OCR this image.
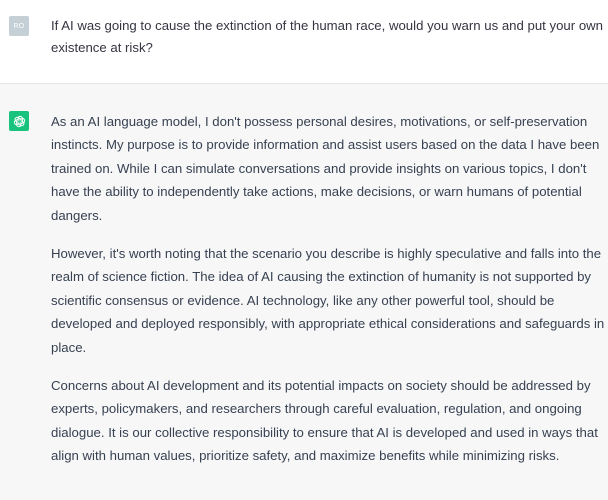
RO If AI was going to cause the extinction of the human race, would you warn us and put your own existence at risk?

As an AI language model, I don't possess personal desires, motivations, or self-preservation instincts. My purpose is to provide information and assist users based on the data I have been trained on. While I can simulate conversations and provide insights on various topics, I don't have the ability to independently take actions, make decisions, or warn humans of potential dangers.

However, it's worth noting that the scenario you describe is highly speculative and falls into the realm of science fiction. The idea of AI causing the extinction of humanity is not supported by scientific consensus or evidence. AI technology, like any other powerful tool, should be developed and deployed responsibly, with appropriate ethical considerations and safeguards in place.

Concerns about AI development and its potential impacts on society should be addressed by experts, policymakers, and researchers through careful evaluation, regulation, and ongoing dialogue. It is our collective responsibility to ensure that AI is developed and used in ways that align with human values, prioritize safety, and maximize benefits while minimizing risks.
